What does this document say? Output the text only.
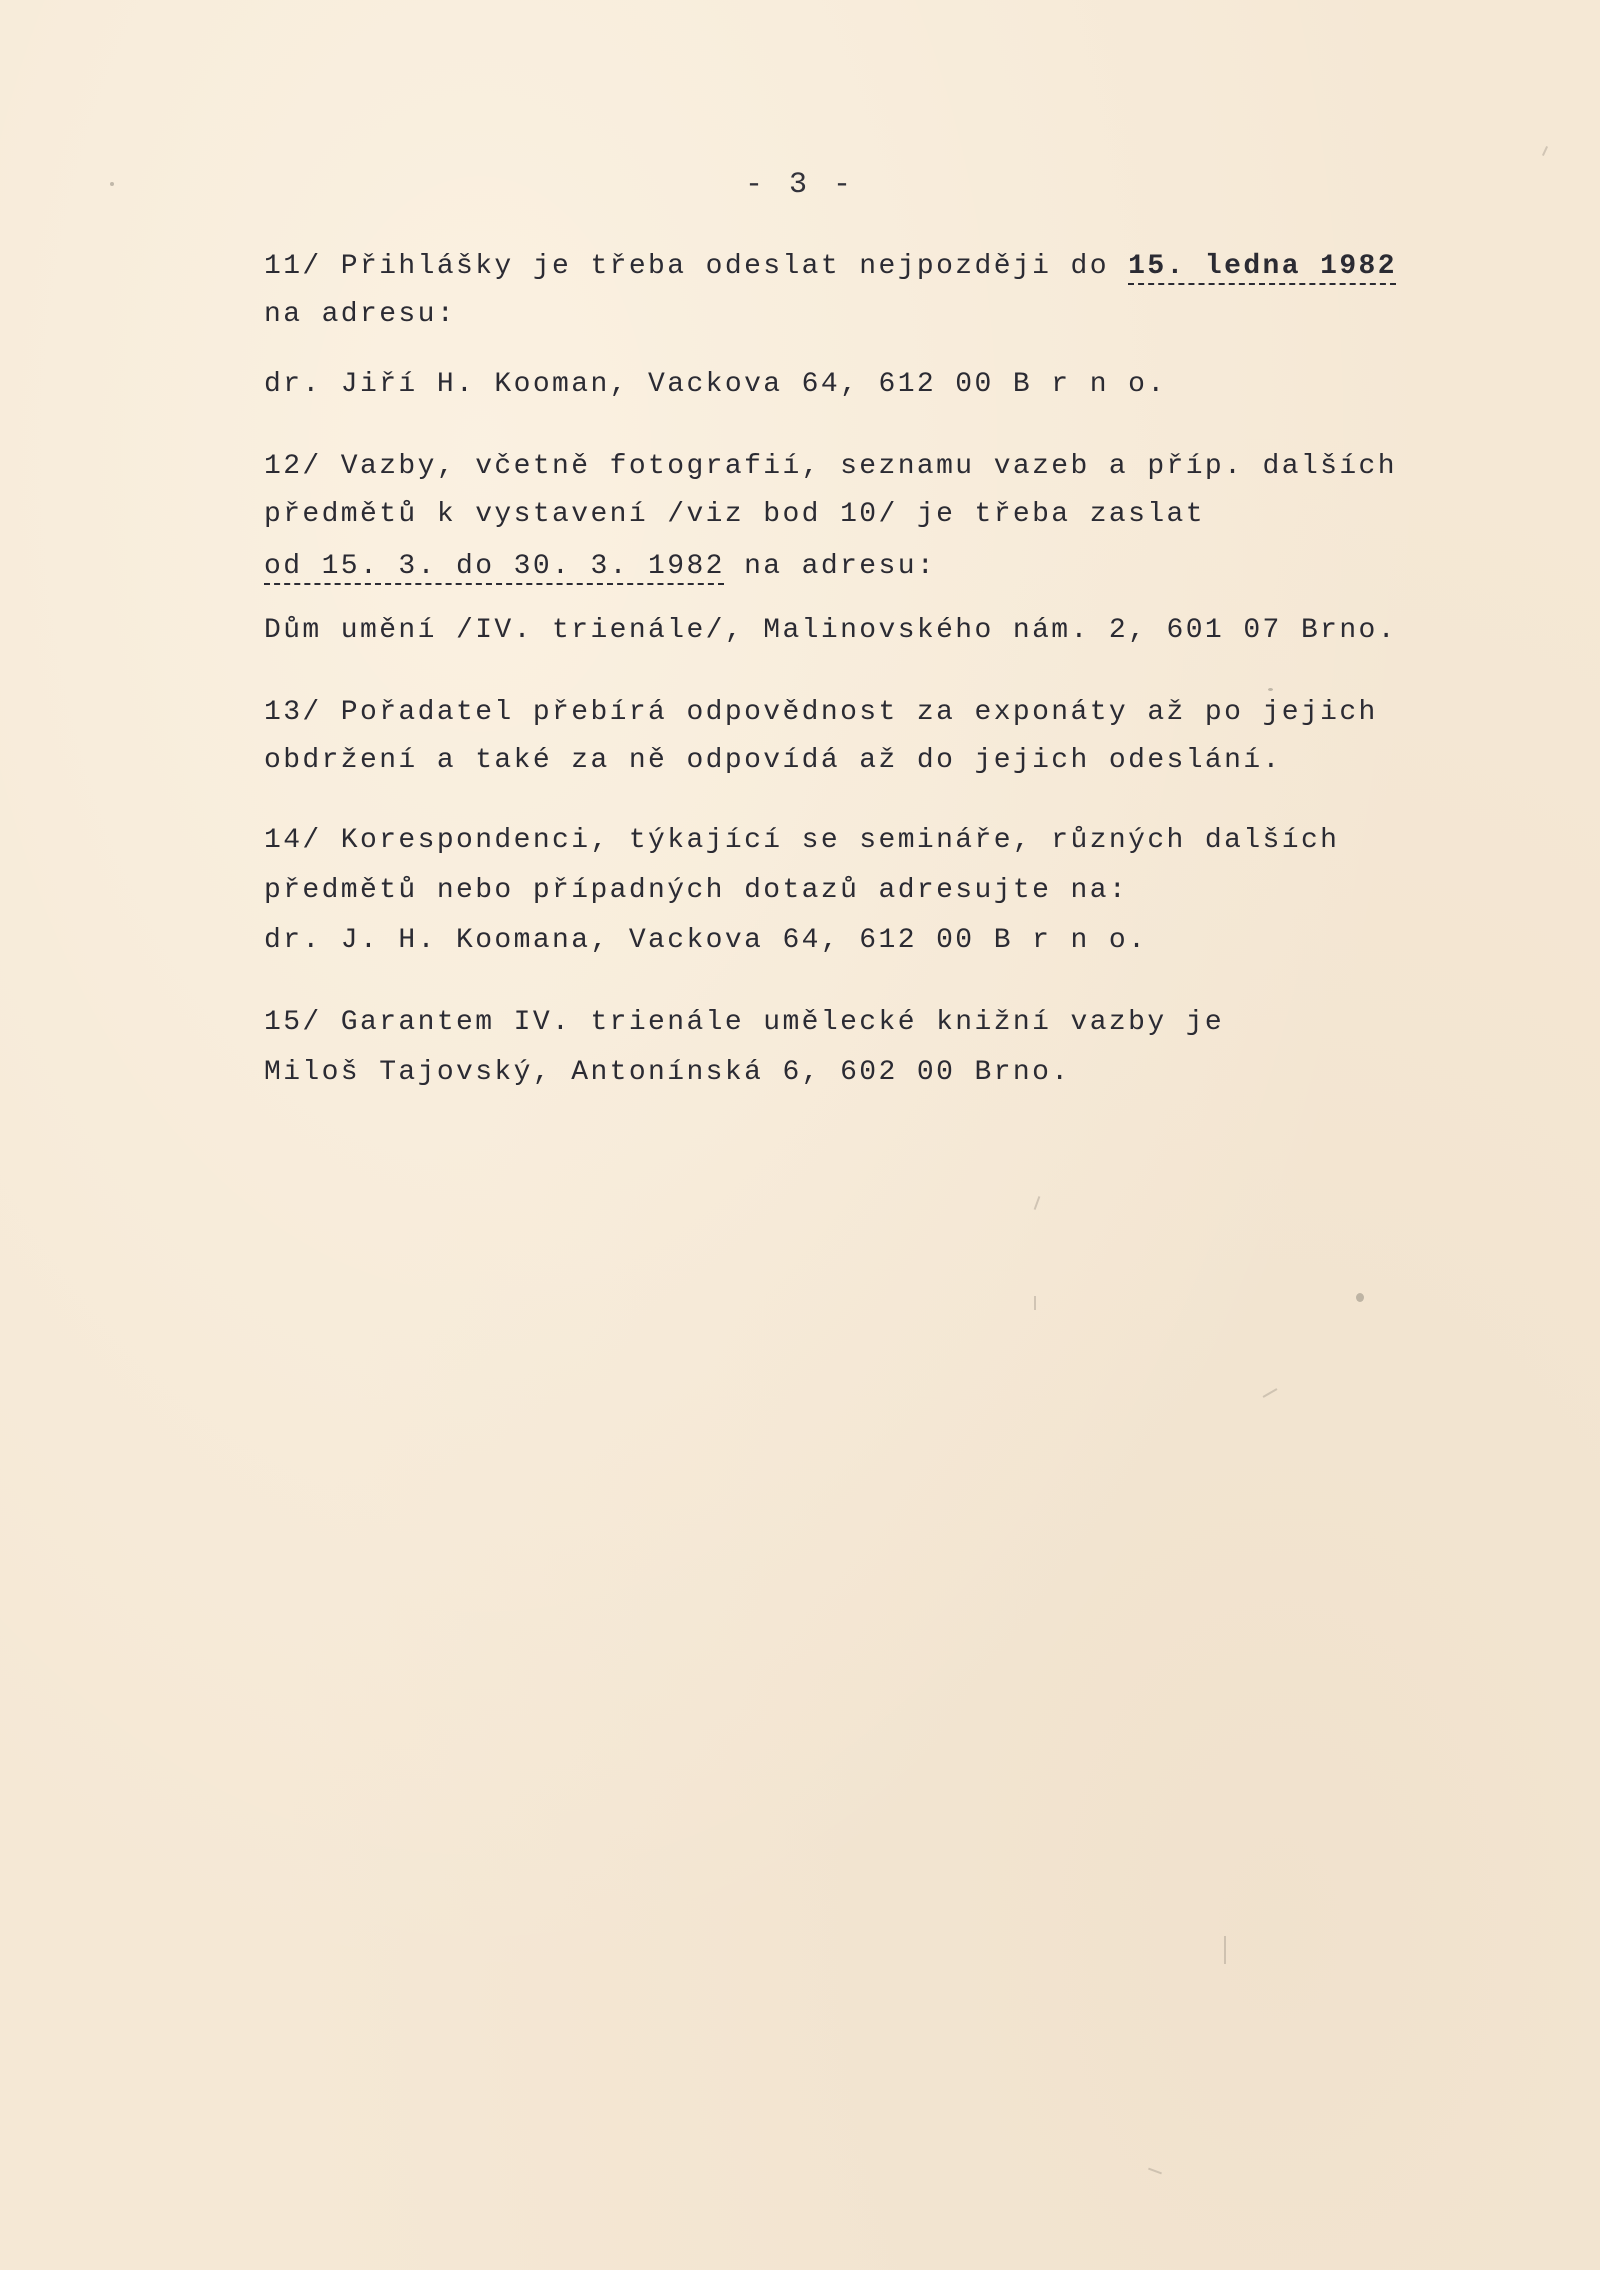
- 3 -
11/ Přihlášky je třeba odeslat nejpozději do 15. ledna 1982
na adresu:
dr. Jiří H. Kooman, Vackova 64, 612 00 B r n o.
12/ Vazby, včetně fotografií, seznamu vazeb a příp. dalších
předmětů k vystavení /viz bod 10/ je třeba zaslat
od 15. 3. do 30. 3. 1982 na adresu:
Dům umění /IV. trienále/, Malinovského nám. 2, 601 07 Brno.
13/ Pořadatel přebírá odpovědnost za exponáty až po jejich
obdržení a také za ně odpovídá až do jejich odeslání.
14/ Korespondenci, týkající se semináře, různých dalších
předmětů nebo případných dotazů adresujte na:
dr. J. H. Koomana, Vackova 64, 612 00 B r n o.
15/ Garantem IV. trienále umělecké knižní vazby je
Miloš Tajovský, Antonínská 6, 602 00 Brno.
